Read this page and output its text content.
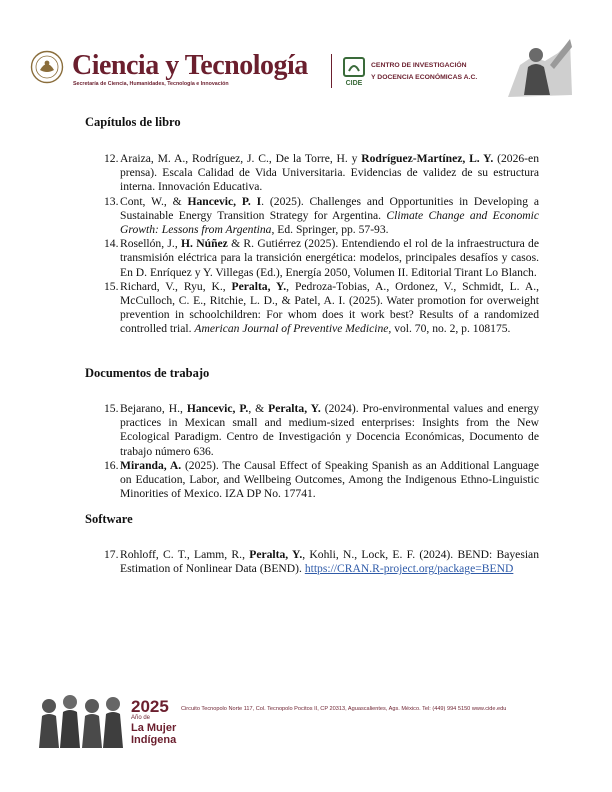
Ciencia y Tecnología
Secretaría de Ciencia, Humanidades, Tecnología e Innovación	CIDE
CENTRO DE INVESTIGACIÓN
Y DOCENCIA ECONÓMICAS A.C.
Capítulos de libro
12. Araiza, M. A., Rodríguez, J. C., De la Torre, H. y Rodríguez-Martínez, L. Y. (2026-en prensa). Escala Calidad de Vida Universitaria. Evidencias de validez de su estructura interna. Innovación Educativa.
13. Cont, W., & Hancevic, P. I. (2025). Challenges and Opportunities in Developing a Sustainable Energy Transition Strategy for Argentina. Climate Change and Economic Growth: Lessons from Argentina, Ed. Springer, pp. 57-93.
14. Rosellón, J., H. Núñez & R. Gutiérrez (2025). Entendiendo el rol de la infraestructura de transmisión eléctrica para la transición energética: modelos, principales desafíos y casos. En D. Enríquez y Y. Villegas (Ed.), Energía 2050, Volumen II. Editorial Tirant Lo Blanch.
15. Richard, V., Ryu, K., Peralta, Y., Pedroza-Tobias, A., Ordonez, V., Schmidt, L. A., McCulloch, C. E., Ritchie, L. D., & Patel, A. I. (2025). Water promotion for overweight prevention in schoolchildren: For whom does it work best? Results of a randomized controlled trial. American Journal of Preventive Medicine, vol. 70, no. 2, p. 108175.
Documentos de trabajo
15. Bejarano, H., Hancevic, P., & Peralta, Y. (2024). Pro-environmental values and energy practices in Mexican small and medium-sized enterprises: Insights from the New Ecological Paradigm. Centro de Investigación y Docencia Económicas, Documento de trabajo número 636.
16. Miranda, A. (2025). The Causal Effect of Speaking Spanish as an Additional Language on Education, Labor, and Wellbeing Outcomes, Among the Indigenous Ethno-Linguistic Minorities of Mexico. IZA DP No. 17741.
Software
17. Rohloff, C. T., Lamm, R., Peralta, Y., Kohli, N., Lock, E. F. (2024). BEND: Bayesian Estimation of Nonlinear Data (BEND). https://CRAN.R-project.org/package=BEND
2025
Año de
La Mujer
Indígena
Circuito Tecnopolo Norte 117, Col. Tecnopolo Pocitos II, CP 20313, Aguascalientes, Ags. México. Tel: (449) 994 5150 www.cide.edu
